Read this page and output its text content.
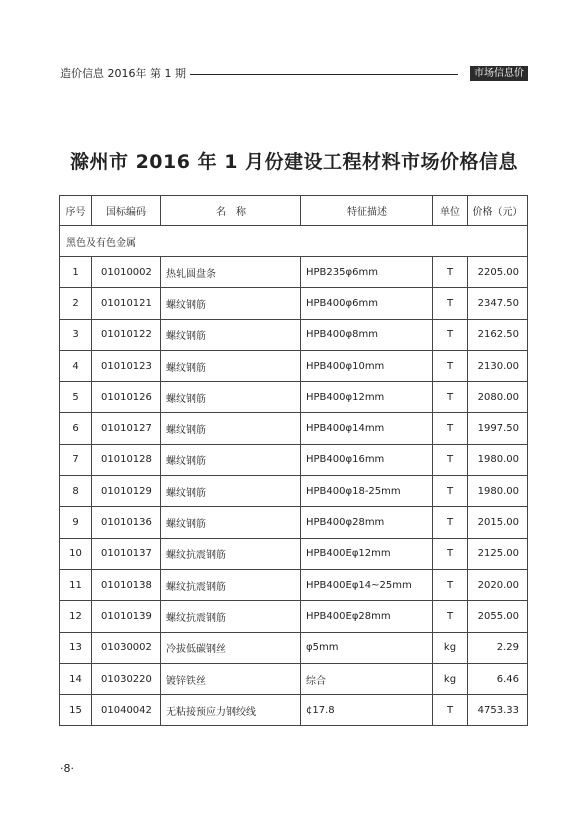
造价信息 2016年 第 1 期	市场信息价
滁州市 2016 年 1 月份建设工程材料市场价格信息
序号	国标编码	名　称	特征描述	单位	价格（元）
黑色及有色金属					
1	01010002	热轧圆盘条	HPB235φ6mm	T	2205.00
2	01010121	螺纹钢筋	HPB400φ6mm	T	2347.50
3	01010122	螺纹钢筋	HPB400φ8mm	T	2162.50
4	01010123	螺纹钢筋	HPB400φ10mm	T	2130.00
5	01010126	螺纹钢筋	HPB400φ12mm	T	2080.00
6	01010127	螺纹钢筋	HPB400φ14mm	T	1997.50
7	01010128	螺纹钢筋	HPB400φ16mm	T	1980.00
8	01010129	螺纹钢筋	HPB400φ18-25mm	T	1980.00
9	01010136	螺纹钢筋	HPB400φ28mm	T	2015.00
10	01010137	螺纹抗震钢筋	HPB400Eφ12mm	T	2125.00
11	01010138	螺纹抗震钢筋	HPB400Eφ14~25mm	T	2020.00
12	01010139	螺纹抗震钢筋	HPB400Eφ28mm	T	2055.00
13	01030002	冷拔低碳钢丝	φ5mm	kg	2.29
14	01030220	镀锌铁丝	综合	kg	6.46
15	01040042	无粘接预应力钢绞线	¢17.8	T	4753.33
·8·
